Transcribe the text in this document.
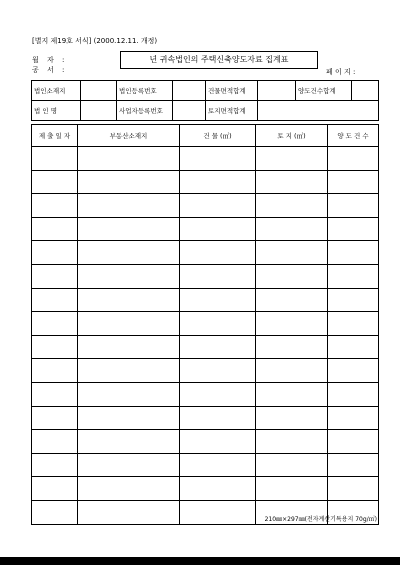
[별지 제19호 서식] (2000.12.11. 개정)
월 자 :
공 서 :
년 귀속법인의 주택신축양도자료 집계표
페 이 지 :
법인소재지		법인등록번호		건물면적합계		양도건수합계	
법 인 명		사업자등록번호		토지면적합계			
제 출 일 자	부동산소재지	건 물 (㎡)	토 지 (㎡)	양 도 건 수

210㎜×297㎜(전자계산기특용지 70g/㎡)
